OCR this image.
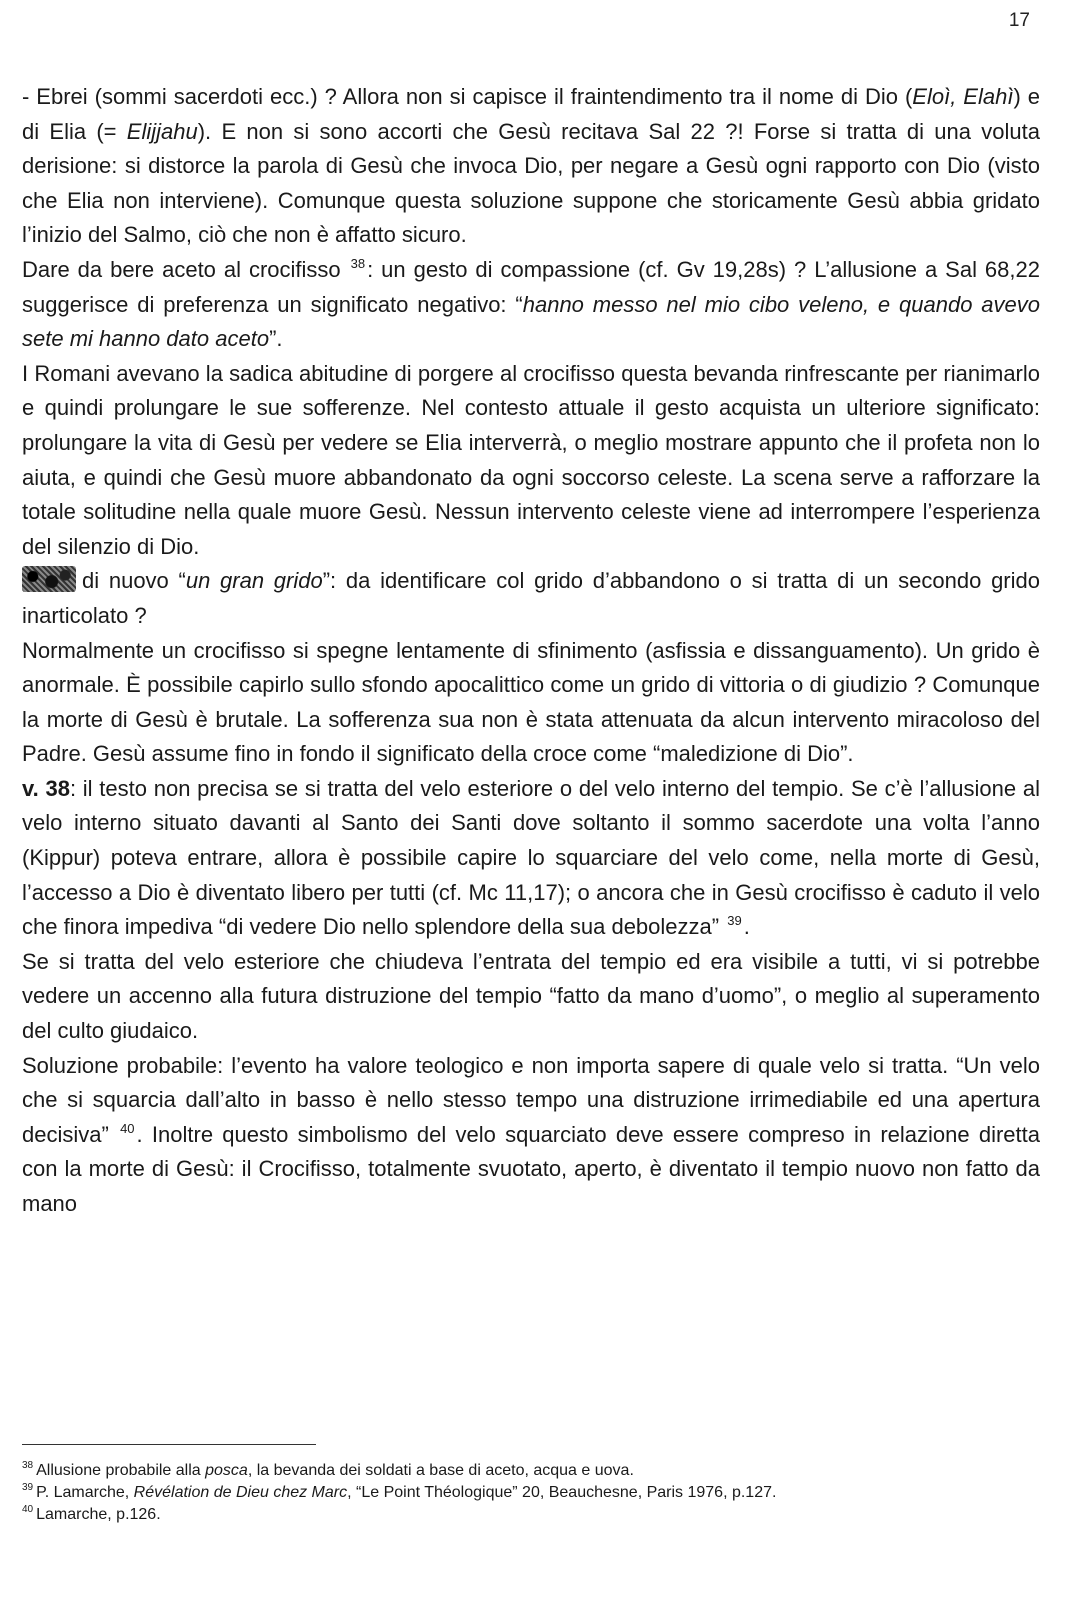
17

- Ebrei (sommi sacerdoti ecc.) ? Allora non si capisce il fraintendimento tra il nome di Dio (Eloì, Elahì) e di Elia (= Elijjahu). E non si sono accorti che Gesù recitava Sal 22 ?! Forse si tratta di una voluta derisione: si distorce la parola di Gesù che invoca Dio, per negare a Gesù ogni rapporto con Dio (visto che Elia non interviene). Comunque questa soluzione suppone che storicamente Gesù abbia gridato l’inizio del Salmo, ciò che non è affatto sicuro.

Dare da bere aceto al crocifisso $^{38}$: un gesto di compassione (cf. Gv 19,28s) ? L’allusione a Sal 68,22 suggerisce di preferenza un significato negativo: “hanno messo nel mio cibo veleno, e quando avevo sete mi hanno dato aceto”.

I Romani avevano la sadica abitudine di porgere al crocifisso questa bevanda rinfrescante per rianimarlo e quindi prolungare le sue sofferenze. Nel contesto attuale il gesto acquista un ulteriore significato: prolungare la vita di Gesù per vedere se Elia interverrà, o meglio mostrare appunto che il profeta non lo aiuta, e quindi che Gesù muore abbandonato da ogni soccorso celeste. La scena serve a rafforzare la totale solitudine nella quale muore Gesù. Nessun intervento celeste viene ad interrompere l’esperienza del silenzio di Dio.

di nuovo “un gran grido”: da identificare col grido d’abbandono o si tratta di un secondo grido inarticolato ?

Normalmente un crocifisso si spegne lentamente di sfinimento (asfissia e dissanguamento). Un grido è anormale. È possibile capirlo sullo sfondo apocalittico come un grido di vittoria o di giudizio ? Comunque la morte di Gesù è brutale. La sofferenza sua non è stata attenuata da alcun intervento miracoloso del Padre. Gesù assume fino in fondo il significato della croce come “maledizione di Dio”.

v. 38: il testo non precisa se si tratta del velo esteriore o del velo interno del tempio. Se c’è l’allusione al velo interno situato davanti al Santo dei Santi dove soltanto il sommo sacerdote una volta l’anno (Kippur) poteva entrare, allora è possibile capire lo squarciare del velo come, nella morte di Gesù, l’accesso a Dio è diventato libero per tutti (cf. Mc 11,17); o ancora che in Gesù crocifisso è caduto il velo che finora impediva “di vedere Dio nello splendore della sua debolezza” $^{39}$.

Se si tratta del velo esteriore che chiudeva l’entrata del tempio ed era visibile a tutti, vi si potrebbe vedere un accenno alla futura distruzione del tempio “fatto da mano d’uomo”, o meglio al superamento del culto giudaico.

Soluzione probabile: l’evento ha valore teologico e non importa sapere di quale velo si tratta. “Un velo che si squarcia dall’alto in basso è nello stesso tempo una distruzione irrimediabile ed una apertura decisiva” $^{40}$. Inoltre questo simbolismo del velo squarciato deve essere compreso in relazione diretta con la morte di Gesù: il Crocifisso, totalmente svuotato, aperto, è diventato il tempio nuovo non fatto da mano

$^{38}$ Allusione probabile alla posca, la bevanda dei soldati a base di aceto, acqua e uova.

$^{39}$ P. Lamarche, Révélation de Dieu chez Marc, “Le Point Théologique” 20, Beauchesne, Paris 1976, p.127.

$^{40}$ Lamarche, p.126.
